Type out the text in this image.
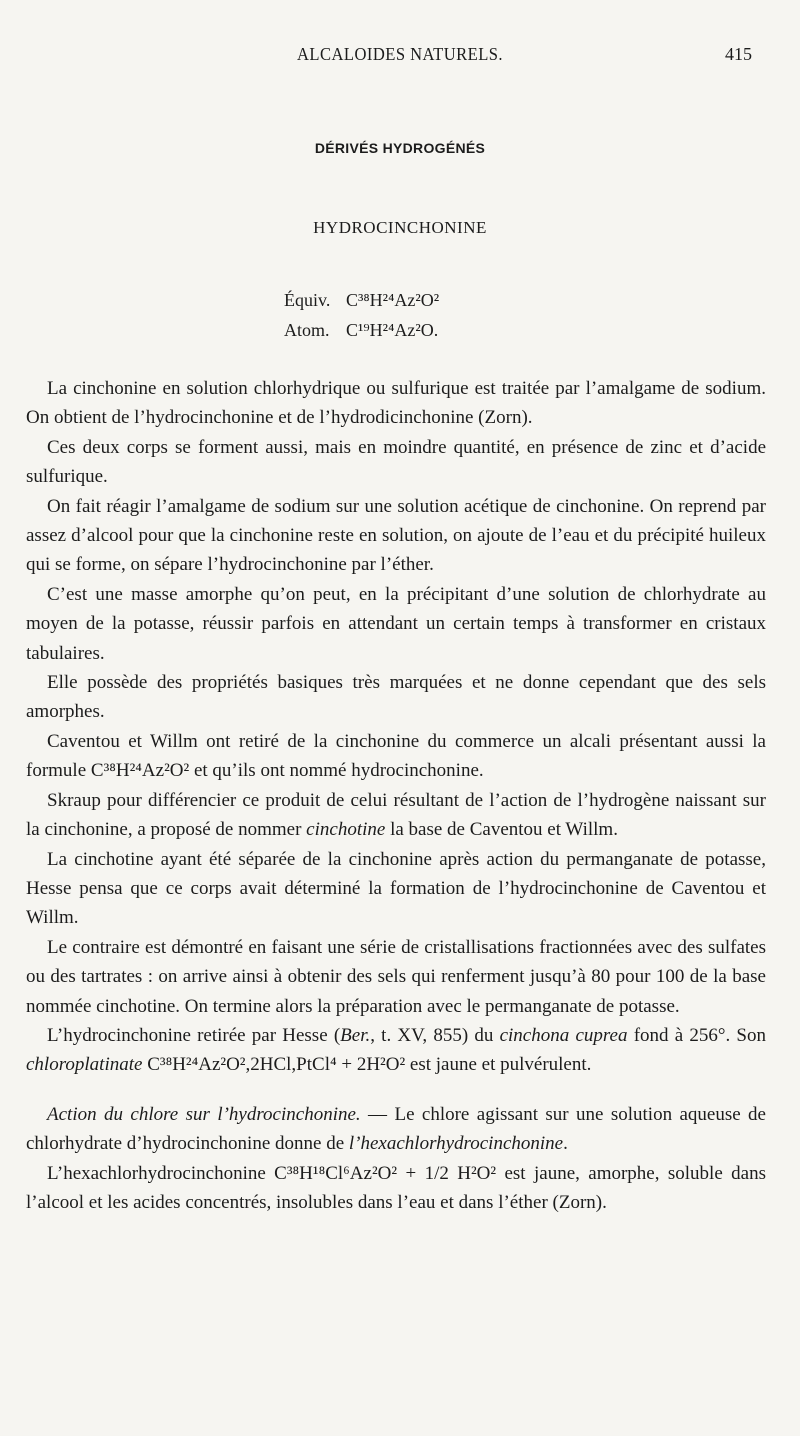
ALCALOIDES NATURELS.	415
DÉRIVÉS HYDROGÉNÉS
HYDROCINCHONINE
Équiv. C³⁸H²⁴Az²O²
Atom. C¹⁹H²⁴Az²O.

La cinchonine en solution chlorhydrique ou sulfurique est traitée par l’amalgame de sodium. On obtient de l’hydrocinchonine et de l’hydrodicinchonine (Zorn).

Ces deux corps se forment aussi, mais en moindre quantité, en présence de zinc et d’acide sulfurique.

On fait réagir l’amalgame de sodium sur une solution acétique de cinchonine. On reprend par assez d’alcool pour que la cinchonine reste en solution, on ajoute de l’eau et du précipité huileux qui se forme, on sépare l’hydrocinchonine par l’éther.

C’est une masse amorphe qu’on peut, en la précipitant d’une solution de chlorhydrate au moyen de la potasse, réussir parfois en attendant un certain temps à transformer en cristaux tabulaires.

Elle possède des propriétés basiques très marquées et ne donne cependant que des sels amorphes.

Caventou et Willm ont retiré de la cinchonine du commerce un alcali présentant aussi la formule C³⁸H²⁴Az²O² et qu’ils ont nommé hydrocinchonine.

Skraup pour différencier ce produit de celui résultant de l’action de l’hydrogène naissant sur la cinchonine, a proposé de nommer cinchotine la base de Caventou et Willm.

La cinchotine ayant été séparée de la cinchonine après action du permanganate de potasse, Hesse pensa que ce corps avait déterminé la formation de l’hydrocinchonine de Caventou et Willm.

Le contraire est démontré en faisant une série de cristallisations fractionnées avec des sulfates ou des tartrates : on arrive ainsi à obtenir des sels qui renferment jusqu’à 80 pour 100 de la base nommée cinchotine. On termine alors la préparation avec le permanganate de potasse.

L’hydrocinchonine retirée par Hesse (Ber., t. XV, 855) du cinchona cuprea fond à 256°. Son chloroplatinate C³⁸H²⁴Az²O²,2HCl,PtCl⁴ + 2H²O² est jaune et pulvérulent.

Action du chlore sur l’hydrocinchonine. — Le chlore agissant sur une solution aqueuse de chlorhydrate d’hydrocinchonine donne de l’hexachlorhydrocinchonine.

L’hexachlorhydrocinchonine C³⁸H¹⁸Cl⁶Az²O² + 1/2 H²O² est jaune, amorphe, soluble dans l’alcool et les acides concentrés, insolubles dans l’eau et dans l’éther (Zorn).
